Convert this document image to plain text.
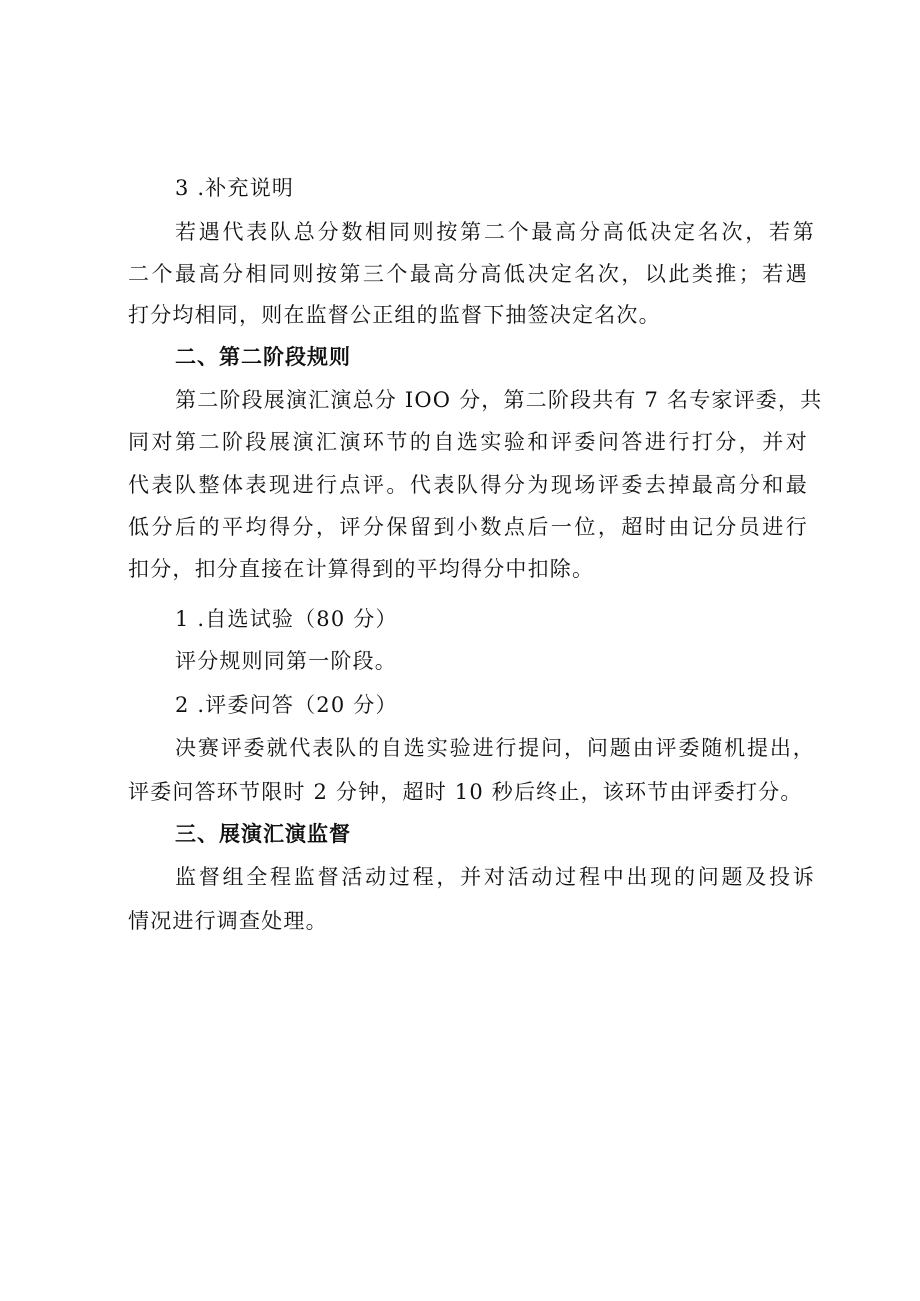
3 .补充说明
若遇代表队总分数相同则按第二个最高分高低决定名次，若第
二个最高分相同则按第三个最高分高低决定名次，以此类推；若遇
打分均相同，则在监督公正组的监督下抽签决定名次。
二、第二阶段规则
第二阶段展演汇演总分 IOO 分，第二阶段共有 7 名专家评委，共
同对第二阶段展演汇演环节的自选实验和评委问答进行打分，并对
代表队整体表现进行点评。代表队得分为现场评委去掉最高分和最
低分后的平均得分，评分保留到小数点后一位，超时由记分员进行
扣分，扣分直接在计算得到的平均得分中扣除。
1 .自选试验（80 分）
评分规则同第一阶段。
2 .评委问答（20 分）
决赛评委就代表队的自选实验进行提问，问题由评委随机提出，
评委问答环节限时 2 分钟，超时 10 秒后终止，该环节由评委打分。
三、展演汇演监督
监督组全程监督活动过程，并对活动过程中出现的问题及投诉
情况进行调查处理。
